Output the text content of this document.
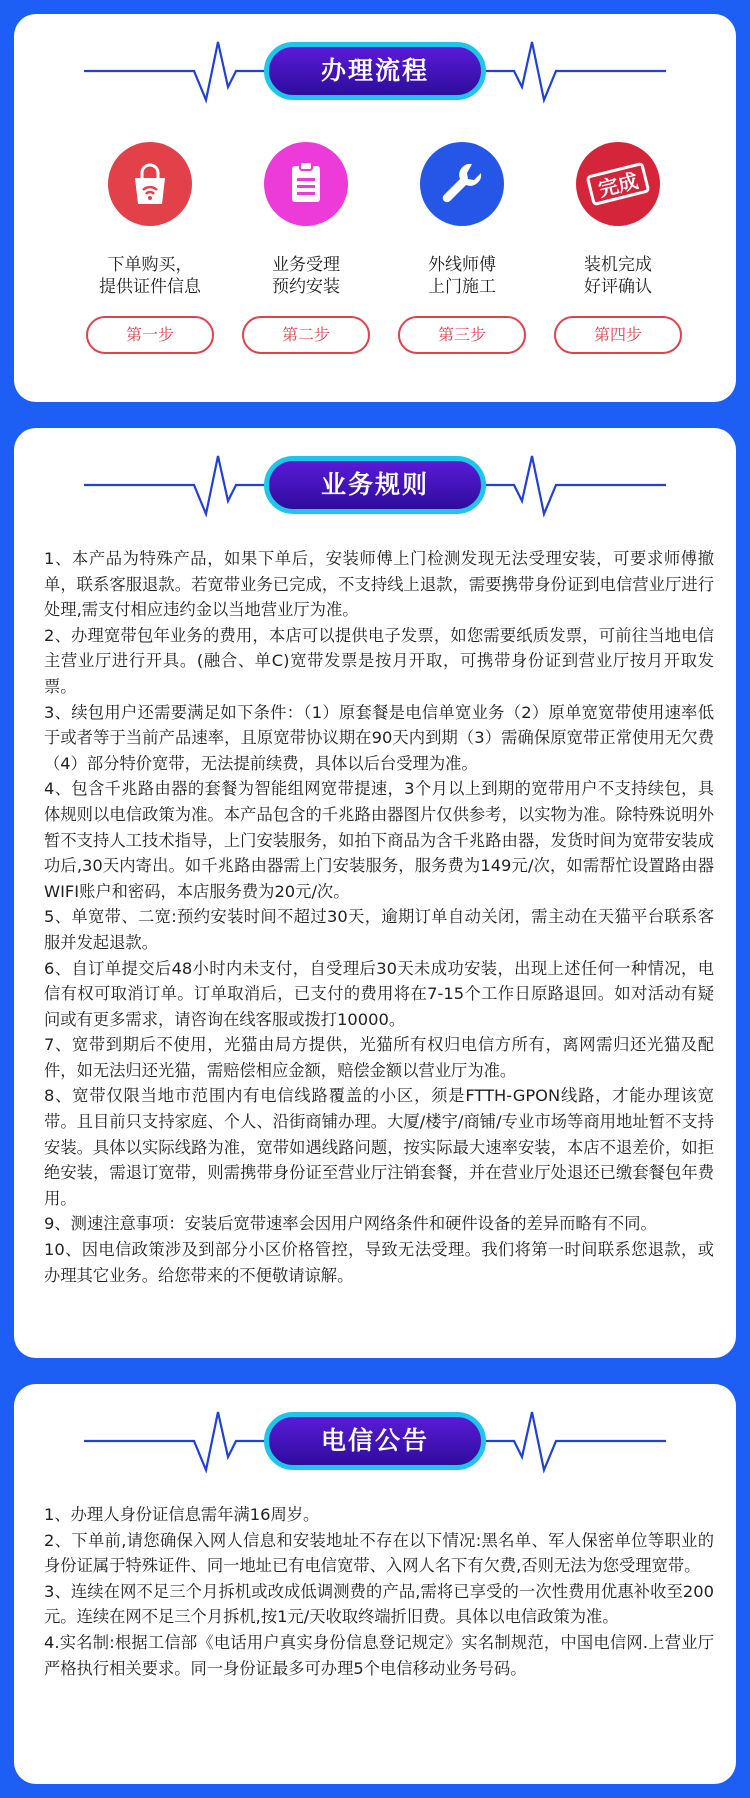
办理流程
下单购买，
提供证件信息
第一步
业务受理
预约安装
第二步
外线师傅
上门施工
第三步
完成
装机完成
好评确认
第四步
业务规则

1、本产品为特殊产品，如果下单后，安装师傅上门检测发现无法受理安装，可要求师傅撤单，联系客服退款。若宽带业务已完成，不支持线上退款，需要携带身份证到电信营业厅进行处理,需支付相应违约金以当地营业厅为准。

2、办理宽带包年业务的费用，本店可以提供电子发票，如您需要纸质发票，可前往当地电信主营业厅进行开具。(融合、单C)宽带发票是按月开取，可携带身份证到营业厅按月开取发票。

3、续包用户还需要满足如下条件：（1）原套餐是电信单宽业务（2）原单宽宽带使用速率低于或者等于当前产品速率，且原宽带协议期在90天内到期（3）需确保原宽带正常使用无欠费（4）部分特价宽带，无法提前续费，具体以后台受理为准。

4、包含千兆路由器的套餐为智能组网宽带提速，3个月以上到期的宽带用户不支持续包，具体规则以电信政策为准。本产品包含的千兆路由器图片仅供参考，以实物为准。除特殊说明外暂不支持人工技术指导，上门安装服务，如拍下商品为含千兆路由器，发货时间为宽带安装成功后,30天内寄出。如千兆路由器需上门安装服务，服务费为149元/次，如需帮忙设置路由器WIFI账户和密码，本店服务费为20元/次。

5、单宽带、二宽:预约安装时间不超过30天，逾期订单自动关闭，需主动在天猫平台联系客服并发起退款。

6、自订单提交后48小时内未支付，自受理后30天未成功安装，出现上述任何一种情况，电信有权可取消订单。订单取消后，已支付的费用将在7-15个工作日原路退回。如对活动有疑问或有更多需求，请咨询在线客服或拨打10000。

7、宽带到期后不使用，光猫由局方提供，光猫所有权归电信方所有，离网需归还光猫及配件，如无法归还光猫，需赔偿相应金额，赔偿金额以营业厅为准。

8、宽带仅限当地市范围内有电信线路覆盖的小区，须是FTTH-GPON线路，才能办理该宽带。且目前只支持家庭、个人、沿街商铺办理。大厦/楼宇/商铺/专业市场等商用地址暂不支持安装。具体以实际线路为准，宽带如遇线路问题，按实际最大速率安装，本店不退差价，如拒绝安装，需退订宽带，则需携带身份证至营业厅注销套餐，并在营业厅处退还已缴套餐包年费用。

9、测速注意事项：安装后宽带速率会因用户网络条件和硬件设备的差异而略有不同。

10、因电信政策涉及到部分小区价格管控，导致无法受理。我们将第一时间联系您退款，或办理其它业务。给您带来的不便敬请谅解。

电信公告

1、办理人身份证信息需年满16周岁。

2、下单前,请您确保入网人信息和安装地址不存在以下情况:黑名单、军人保密单位等职业的身份证属于特殊证件、同一地址已有电信宽带、入网人名下有欠费,否则无法为您受理宽带。

3、连续在网不足三个月拆机或改成低调测费的产品,需将已享受的一次性费用优惠补收至200元。连续在网不足三个月拆机,按1元/天收取终端折旧费。具体以电信政策为准。

4.实名制:根据工信部《电话用户真实身份信息登记规定》实名制规范，中国电信网.上营业厅严格执行相关要求。同一身份证最多可办理5个电信移动业务号码。
